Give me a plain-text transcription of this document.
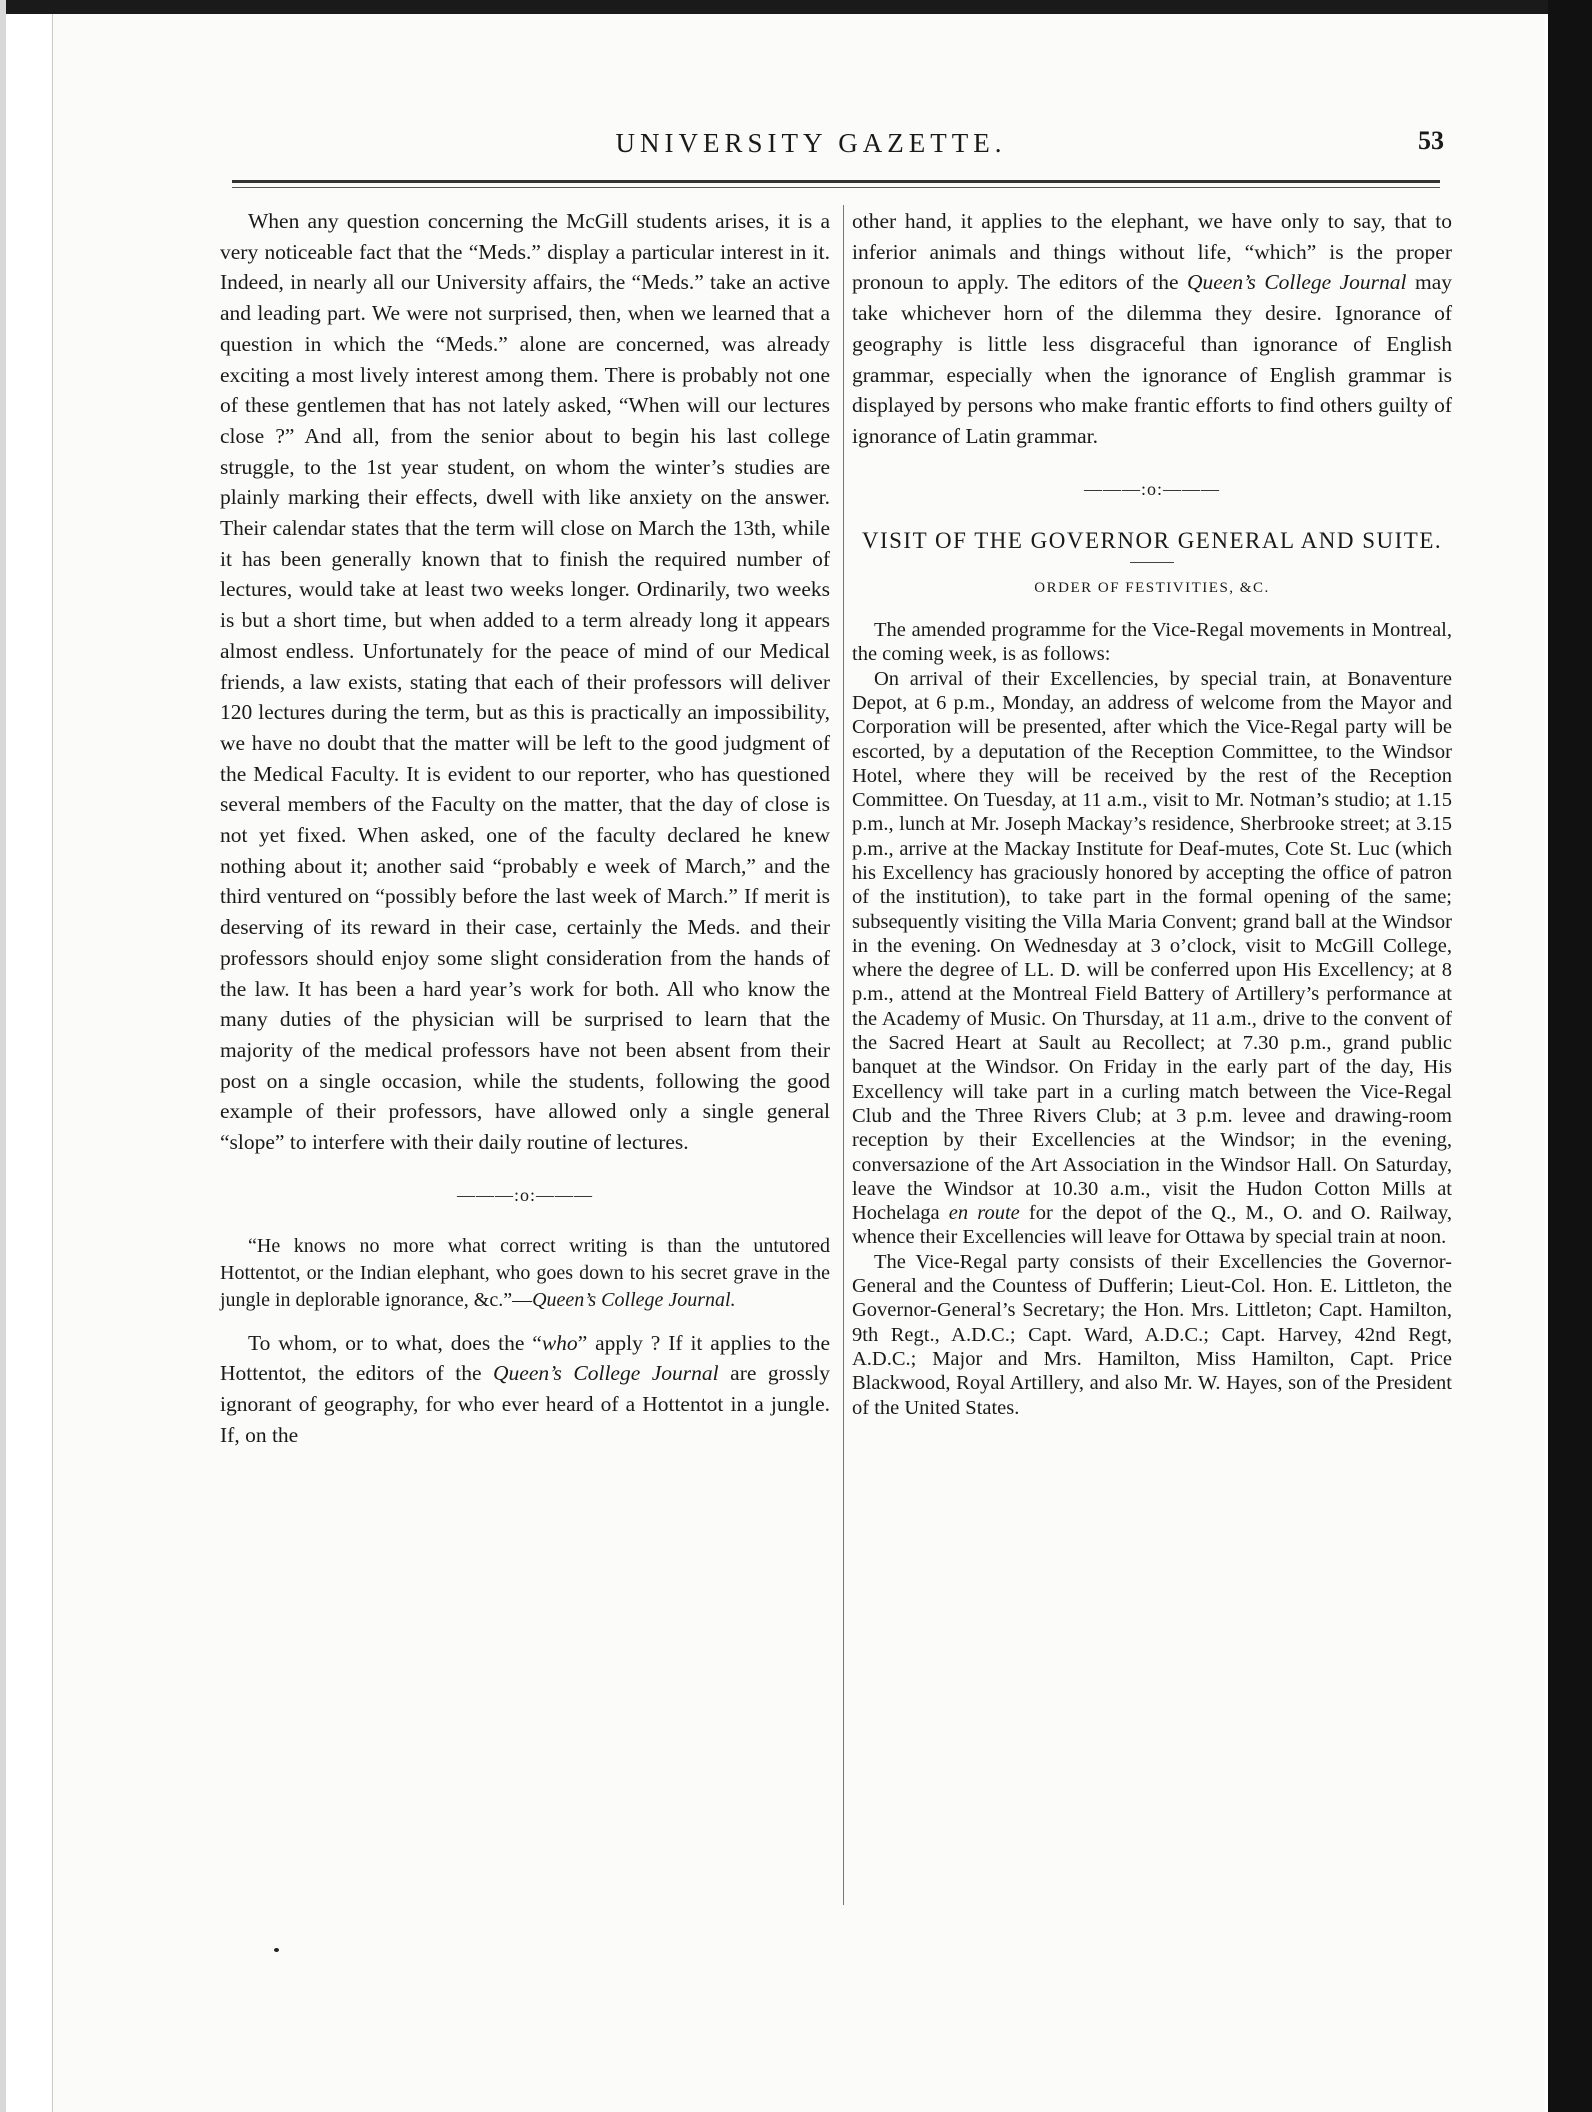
UNIVERSITY GAZETTE.	53

When any question concerning the McGill students arises, it is a very noticeable fact that the “Meds.” display a particular interest in it. Indeed, in nearly all our University affairs, the “Meds.” take an active and leading part. We were not surprised, then, when we learned that a question in which the “Meds.” alone are concerned, was already exciting a most lively interest among them. There is probably not one of these gentlemen that has not lately asked, “When will our lectures close ?” And all, from the senior about to begin his last college struggle, to the 1st year student, on whom the winter’s studies are plainly marking their effects, dwell with like anxiety on the answer. Their calendar states that the term will close on March the 13th, while it has been generally known that to finish the required number of lectures, would take at least two weeks longer. Ordinarily, two weeks is but a short time, but when added to a term already long it appears almost endless. Unfortunately for the peace of mind of our Medical friends, a law exists, stating that each of their professors will deliver 120 lectures during the term, but as this is practically an impossibility, we have no doubt that the matter will be left to the good judgment of the Medical Faculty. It is evident to our reporter, who has questioned several members of the Faculty on the matter, that the day of close is not yet fixed. When asked, one of the faculty declared he knew nothing about it; another said “probably e week of March,” and the third ventured on “possibly before the last week of March.” If merit is deserving of its reward in their case, certainly the Meds. and their professors should enjoy some slight consideration from the hands of the law. It has been a hard year’s work for both. All who know the many duties of the physician will be surprised to learn that the majority of the medical professors have not been absent from their post on a single occasion, while the students, following the good example of their professors, have allowed only a single general “slope” to interfere with their daily routine of lectures.

———:o:———

“He knows no more what correct writing is than the untutored Hottentot, or the Indian elephant, who goes down to his secret grave in the jungle in deplorable ignorance, &c.”—Queen’s College Journal.

To whom, or to what, does the “who” apply ? If it applies to the Hottentot, the editors of the Queen’s College Journal are grossly ignorant of geography, for who ever heard of a Hottentot in a jungle. If, on the

other hand, it applies to the elephant, we have only to say, that to inferior animals and things without life, “which” is the proper pronoun to apply. The editors of the Queen’s College Journal may take whichever horn of the dilemma they desire. Ignorance of geography is little less disgraceful than ignorance of English grammar, especially when the ignorance of English grammar is displayed by persons who make frantic efforts to find others guilty of ignorance of Latin grammar.

———:o:———
VISIT OF THE GOVERNOR GENERAL AND SUITE.
ORDER OF FESTIVITIES, &C.

The amended programme for the Vice-Regal movements in Montreal, the coming week, is as follows:

On arrival of their Excellencies, by special train, at Bonaventure Depot, at 6 p.m., Monday, an address of welcome from the Mayor and Corporation will be presented, after which the Vice-Regal party will be escorted, by a deputation of the Reception Committee, to the Windsor Hotel, where they will be received by the rest of the Reception Committee. On Tuesday, at 11 a.m., visit to Mr. Notman’s studio; at 1.15 p.m., lunch at Mr. Joseph Mackay’s residence, Sherbrooke street; at 3.15 p.m., arrive at the Mackay Institute for Deaf-mutes, Cote St. Luc (which his Excellency has graciously honored by accepting the office of patron of the institution), to take part in the formal opening of the same; subsequently visiting the Villa Maria Convent; grand ball at the Windsor in the evening. On Wednesday at 3 o’clock, visit to McGill College, where the degree of LL. D. will be conferred upon His Excellency; at 8 p.m., attend at the Montreal Field Battery of Artillery’s performance at the Academy of Music. On Thursday, at 11 a.m., drive to the convent of the Sacred Heart at Sault au Recollect; at 7.30 p.m., grand public banquet at the Windsor. On Friday in the early part of the day, His Excellency will take part in a curling match between the Vice-Regal Club and the Three Rivers Club; at 3 p.m. levee and drawing-room reception by their Excellencies at the Windsor; in the evening, conversazione of the Art Association in the Windsor Hall. On Saturday, leave the Windsor at 10.30 a.m., visit the Hudon Cotton Mills at Hochelaga en route for the depot of the Q., M., O. and O. Railway, whence their Excellencies will leave for Ottawa by special train at noon.

The Vice-Regal party consists of their Excellencies the Governor-General and the Countess of Dufferin; Lieut-Col. Hon. E. Littleton, the Governor-General’s Secretary; the Hon. Mrs. Littleton; Capt. Hamilton, 9th Regt., A.D.C.; Capt. Ward, A.D.C.; Capt. Harvey, 42nd Regt, A.D.C.; Major and Mrs. Hamilton, Miss Hamilton, Capt. Price Blackwood, Royal Artillery, and also Mr. W. Hayes, son of the President of the United States.
